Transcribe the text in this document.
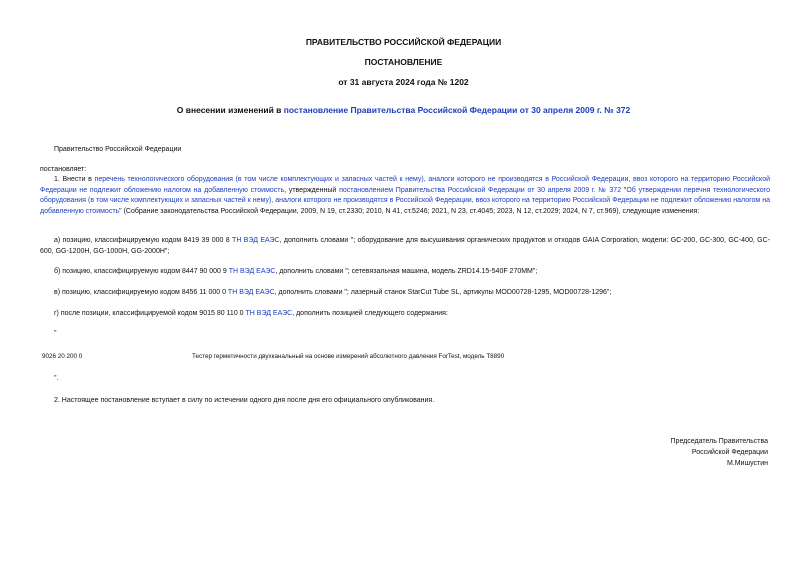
ПРАВИТЕЛЬСТВО РОССИЙСКОЙ ФЕДЕРАЦИИ
ПОСТАНОВЛЕНИЕ
от 31 августа 2024 года № 1202
О внесении изменений в постановление Правительства Российской Федерации от 30 апреля 2009 г. № 372
Правительство Российской Федерации
постановляет:
1. Внести в перечень технологического оборудования (в том числе комплектующих и запасных частей к нему), аналоги которого не производятся в Российской Федерации, ввоз которого на территорию Российской Федерации не подлежит обложению налогом на добавленную стоимость, утвержденный постановлением Правительства Российской Федерации от 30 апреля 2009 г. № 372 "Об утверждении перечня технологического оборудования (в том числе комплектующих и запасных частей к нему), аналоги которого не производятся в Российской Федерации, ввоз которого на территорию Российской Федерации не подлежит обложению налогом на добавленную стоимость" (Собрание законодательства Российской Федерации, 2009, N 19, ст.2330; 2010, N 41, ст.5246; 2021, N 23, ст.4045; 2023, N 12, ст.2029; 2024, N 7, ст.969), следующие изменения:
а) позицию, классифицируемую кодом 8419 39 000 8 ТН ВЭД ЕАЭС, дополнить словами "; оборудование для высушивания органических продуктов и отходов GAIA Corporation, модели: GC-200, GC-300, GC-400, GC-600, GG-1200H, GG-1000H, GG-2000H";
б) позицию, классифицируемую кодом 8447 90 000 9 ТН ВЭД ЕАЭС, дополнить словами "; сетевязальная машина, модель ZRD14.15-540F 270MM";
в) позицию, классифицируемую кодом 8456 11 000 0 ТН ВЭД ЕАЭС, дополнить словами "; лазерный станок StarCut Tube SL, артикулы MOD00728-1295, MOD00728-1296";
г) после позиции, классифицируемой кодом 9015 80 110 0 ТН ВЭД ЕАЭС, дополнить позицией следующего содержания:
"
9026 20 200 0	Тестер герметичности двухканальный на основе измерений абсолютного давления ForTest, модель T8890
".
2. Настоящее постановление вступает в силу по истечении одного дня после дня его официального опубликования.
Председатель Правительства
Российской Федерации
М.Мишустин
